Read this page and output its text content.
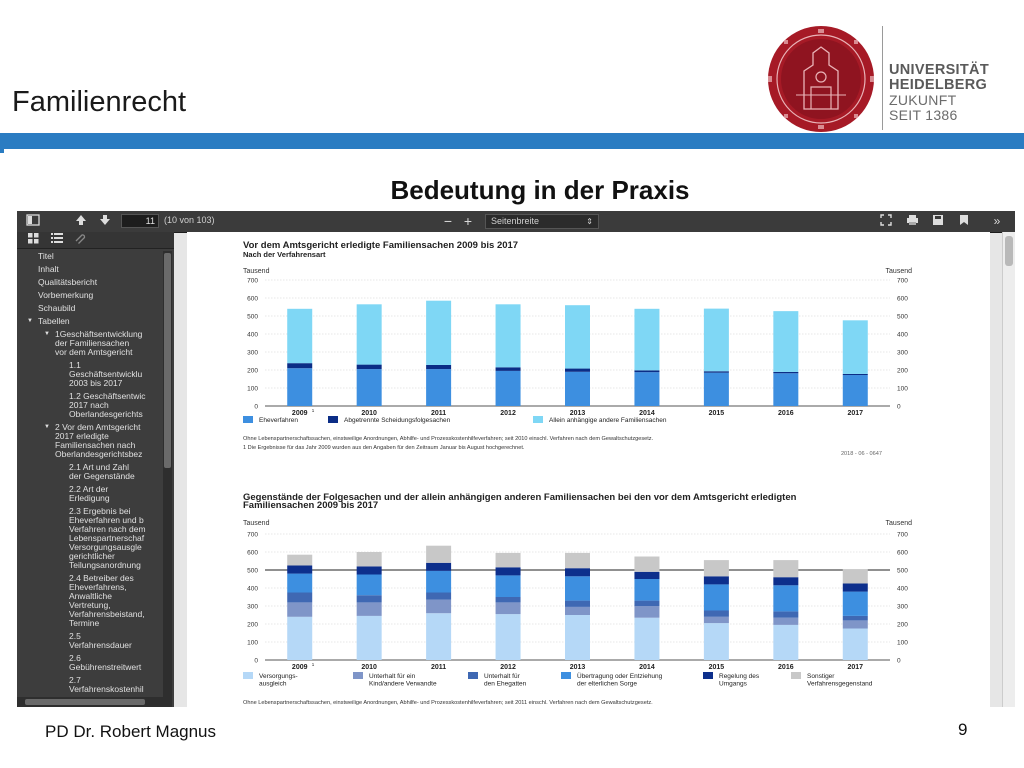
Familienrecht
UNIVERSITÄT
HEIDELBERG
ZUKUNFT
SEIT 1386
Bedeutung in der Praxis
11	(10 von 103)	− +	Seitenbreite	⇕	»
Titel
Inhalt
Qualitätsbericht
Vorbemerkung
Schaubild
▼ Tabellen
▼ 1Geschäftsentwicklung
der Familiensachen
vor dem Amtsgericht
1.1
Geschäftsentwicklu
2003 bis 2017
1.2 Geschäftsentwic
2017 nach
Oberlandesgerichts
▼ 2 Vor dem Amtsgericht
2017 erledigte
Familiensachen nach
Oberlandesgerichtsbez
2.1 Art und Zahl
der Gegenstände
2.2 Art der
Erledigung
2.3 Ergebnis bei
Eheverfahren und b
Verfahren nach dem
Lebenspartnerschaf
Versorgungsausgle
gerichtlicher
Teilungsanordnung
2.4 Betreiber des
Eheverfahrens,
Anwaltliche
Vertretung,
Verfahrensbeistand,
Termine
2.5
Verfahrensdauer
2.6
Gebührenstreitwert
2.7
Verfahrenskostenhil
Vor dem Amtsgericht erledigte Familiensachen 2009 bis 2017
Nach der Verfahrensart
Tausend	Tausend
0	0
100	100
200	200
300	300
400	400
500	500
600	600
700	700
2009 1	2010	2011	2012	2013	2014	2015	2016	2017
Eheverfahren	Abgetrennte Scheidungsfolgesachen	Allein anhängige andere Familiensachen
Ohne Lebenspartnerschaftssachen, einstweilige Anordnungen, Abhilfe- und Prozesskostenhilfeverfahren; seit 2010 einschl. Verfahren nach dem Gewaltschutzgesetz.
1 Die Ergebnisse für das Jahr 2009 wurden aus den Angaben für den Zeitraum Januar bis August hochgerechnet.
2018 - 06 - 0647
Gegenstände der Folgesachen und der allein anhängigen anderen Familiensachen bei den vor dem Amtsgericht erledigten
Familiensachen 2009 bis 2017
Tausend	Tausend
0	0
100	100
200	200
300	300
400	400
500	500
600	600
700	700
2009 1	2010	2011	2012	2013	2014	2015	2016	2017
Versorgungs-
ausgleich
Unterhalt für ein
Kind/andere Verwandte
Unterhalt für
den Ehegatten
Übertragung oder Entziehung
der elterlichen Sorge
Regelung des
Umgangs
Sonstiger
Verfahrensgegenstand
Ohne Lebenspartnerschaftssachen, einstweilige Anordnungen, Abhilfe- und Prozesskostenhilfeverfahren; seit 2011 einschl. Verfahren nach dem Gewaltschutzgesetz.
PD Dr. Robert Magnus	9
